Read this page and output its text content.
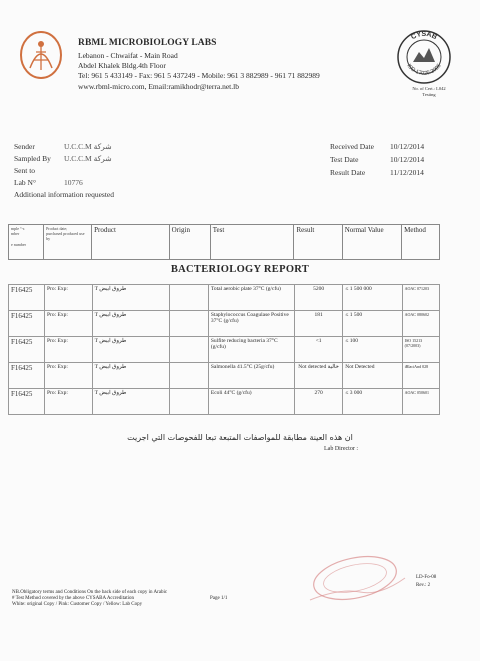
RBML MICROBIOLOGY LABS
Lebanon - Chwaifat - Main Road
Abdel Khalek Bldg.4th Floor
Tel: 961 5 433149 - Fax: 961 5 437249 - Mobile: 961 3 882989 - 961 71 882989
www.rbml-micro.com, Email:ramikhodr@terra.net.lb
CYSAB
ISO 17025:2005
No. of Cert.: L042
Testing
Sender	U.C.C.M شركة
Sampled By U.C.C.M شركة
Sent to
Lab N°	10776
Additional information requested
Received Date 10/12/2014
Test Date	10/12/2014
Result Date	11/12/2014
mple °-r.
mber
e number

Product date;
purchased produced use by
	Product	Origin	Test	Result	Normal Value	Method
BACTERIOLOGY REPORT
F16425	Pro: Exp:	T طروق ابيض		Total aerobic plate 37°C (g/cfu)	5200	≤ 1 500 000	AOAC 071203
F16425	Pro: Exp:	T طروق ابيض		Staphylococcus Coagulase Positive 37°C (g/cfu)	181	≤ 1 500	AOAC 080602
F16425	Pro: Exp:	T طروق ابيض		Sulfite reducing bacteria 37°C (g/cfu)	<1	≤ 100	ISO 15213 (07/2003)
F16425	Pro: Exp:	T طروق ابيض		Salmonella 41.5°C (25g/cfu)	Not detected خالية	Not Detected	iRlaciAnd 028
F16425	Pro: Exp:	T طروق ابيض		Ecoli 44°C (g/cfu)	270	≤ 3 000	AOAC 050601
ان هذه العينة مطابقة للمواصفات المتبعة تبعا للفحوصات التي اجريت
Lab Director :
NB.Obligatory terms and Conditions On the back side of each copy in Arabic
# Test Method covered by the above CYSABA Accreditation
White: original Copy / Pink: Customer Copy / Yellow: Lab Copy
Page 1/1
LD-Fo-08
Rev.: 2
